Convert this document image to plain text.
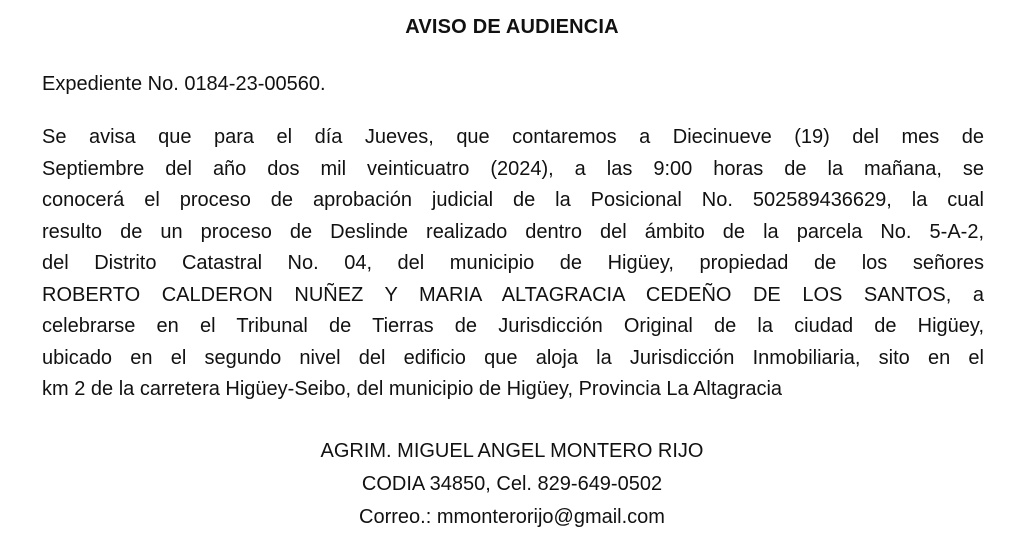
AVISO DE AUDIENCIA
Expediente No. 0184-23-00560.
Se avisa que para el día Jueves, que contaremos a Diecinueve (19) del mes de
Septiembre del año dos mil veinticuatro (2024), a las 9:00 horas de la mañana, se
conocerá el proceso de aprobación judicial de la Posicional No. 502589436629, la cual
resulto de un proceso de Deslinde realizado dentro del ámbito de la parcela No. 5-A-2,
del Distrito Catastral No. 04, del municipio de Higüey, propiedad de los señores
ROBERTO CALDERON NUÑEZ Y MARIA ALTAGRACIA CEDEÑO DE LOS SANTOS, a
celebrarse en el Tribunal de Tierras de Jurisdicción Original de la ciudad de Higüey,
ubicado en el segundo nivel del edificio que aloja la Jurisdicción Inmobiliaria, sito en el
km 2 de la carretera Higüey-Seibo, del municipio de Higüey, Provincia La Altagracia
AGRIM. MIGUEL ANGEL MONTERO RIJO
CODIA 34850, Cel. 829-649-0502
Correo.: mmonterorijo@gmail.com
